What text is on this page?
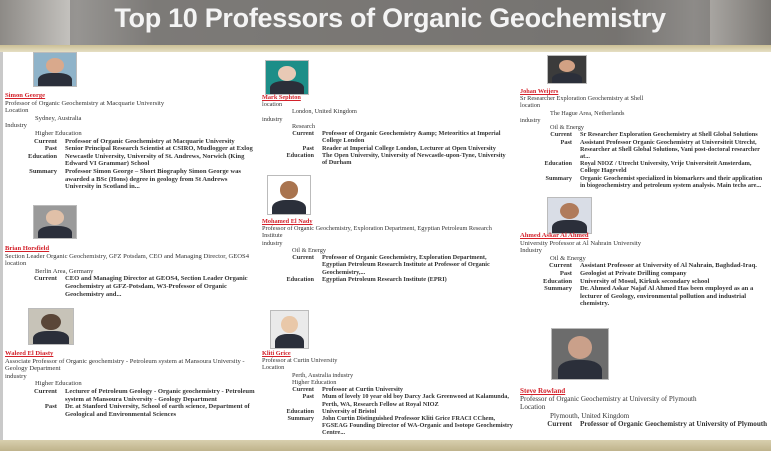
Top 10 Professors of Organic Geochemistry
Simon George
Professor of Organic Geochemistry at Macquarie University
Location
Sydney, Australia
Industry
Higher Education
Current	Professor of Organic Geochemistry at Macquarie University
Past	Senior Principal Research Scientist at CSIRO, Mudlogger at Exlog
Education	Newcastle University, University of St. Andrews, Norwich (King Edward VI Grammar) School
Summary	Professor Simon George – Short Biography Simon George was awarded a BSc (Hons) degree in geology from St Andrews University in Scotland in...
Brian Horsfield
Section Leader Organic Geochemistry, GFZ Potsdam, CEO and Managing Director, GEOS4
location
Berlin Area, Germany
Current	CEO and Managing Director at GEOS4, Section Leader Organic Geochemistry at GFZ-Potsdam, W3-Professor of Organic Geochemistry and...
Waleed El Diasty
Associate Professor of Organic geochemistry - Petroleum system at Mansoura University - Geology Department
industry
Higher Education
Current	Lecturer of Petroleum Geology - Organic geochemistry - Petroleum system at Mansoura University - Geology Department
Past	Dr. at Stanford University, School of earth science, Department of Geological and Environmental Sciences
Mark Sephton
location
London, United Kingdom
industry
Research
Current	Professor of Organic Geochemistry &amp; Meteoritics at Imperial College London
Past	Reader at Imperial College London, Lecturer at Open University
Education	The Open University, University of Newcastle-upon-Tyne, University of Durham
Mohamed El Nady
Professor of Organic Geochemistry, Exploration Department, Egyptian Petroleum Research Institute
industry
Oil & Energy
Current	Professor of Organic Geochemistry, Exploration Department, Egyptian Petroleum Research Institute at Professor of Organic Geochemistry,...
Education	Egyptian Petroleum Research Institute (EPRI)
Kliti Grice
Professor at Curtin University
Location
Perth, Australia industry
Higher Education
Current	Professor at Curtin University
Past	Mum of lovely 10 year old boy Darcy Jack Greenwood at Kalamunda, Perth, WA, Research Fellow at Royal NIOZ
Education	University of Bristol
Summary	John Curtin Distinguished Professor Kliti Grice FRACI CChem, FGSEAG Founding Director of WA-Organic and Isotope Geochemistry Centre...
Johan Weijers
Sr Researcher Exploration Geochemistry at Shell
location
The Hague Area, Netherlands
industry
Oil & Energy
Current	Sr Researcher Exploration Geochemistry at Shell Global Solutions
Past	Assistant Professor Organic Geochemistry at Universiteit Utrecht, Researcher at Shell Global Solutions, Vani post-doctoral researcher at...
Education	Royal NIOZ / Utrecht University, Vrije Universiteit Amsterdam, College Hageveld
Summary	Organic Geochemist specialized in biomarkers and their application in biogeochemistry and petroleum system analysis. Main techs are...
Ahmed Askar Al Ahmed
University Professor at Al Nahrain University
Industry
Oil & Energy
Current	Assistant Professor at University of Al Nahrain, Baghdad-Iraq.
Past	Geologist at Private Drilling company
Education	University of Mosul, Kirkuk secondary school
Summary	Dr. Ahmed Askar Najaf Al Ahmed Has been employed as an a lecturer of Geology, environmental pollution and industrial chemistry.
Steve Rowland
Professor of Organic Geochemistry at University of Plymouth
Location
Plymouth, United Kingdom
Current	Professor of Organic Geochemistry at University of Plymouth
